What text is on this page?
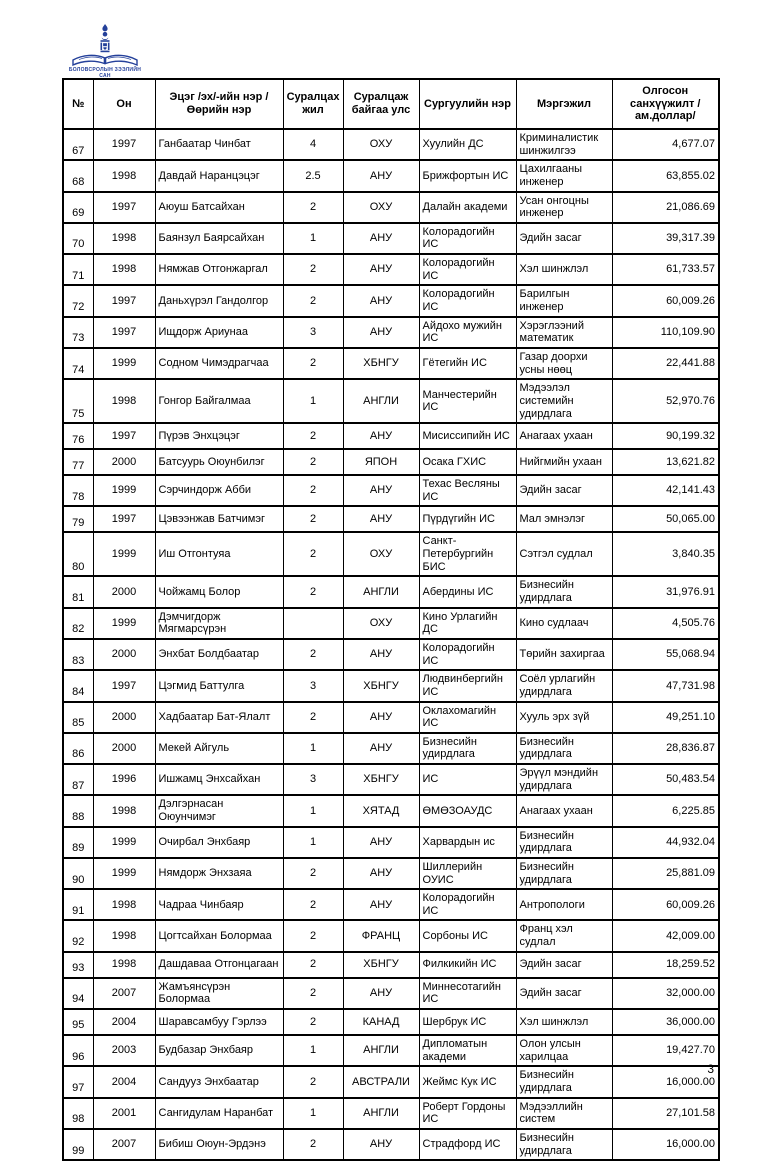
БОЛОВСРОЛЫН ЗЭЭЛИЙН
САН
№	Он	Эцэг /эх/-ийн нэр / Өөрийн нэр	Суралцах жил	Суралцаж байгаа улс	Сургуулийн нэр	Мэргэжил	Олгосон санхүүжилт /ам.доллар/
67	1997	Ганбаатар Чинбат	4	ОХУ	Хуулийн ДС	Криминалистик шинжилгээ	4,677.07
68	1998	Давдай Наранцэцэг	2.5	АНУ	Брижфортын ИС	Цахилгааны инженер	63,855.02
69	1997	Аюуш Батсайхан	2	ОХУ	Далайн академи	Усан онгоцны инженер	21,086.69
70	1998	Баянзул Баярсайхан	1	АНУ	Колорадогийн ИС	Эдийн засаг	39,317.39
71	1998	Нямжав Отгонжаргал	2	АНУ	Колорадогийн ИС	Хэл шинжлэл	61,733.57
72	1997	Даньхүрэл Гандолгор	2	АНУ	Колорадогийн ИС	Барилгын инженер	60,009.26
73	1997	Ищдорж Ариунаа	3	АНУ	Айдохо мужийн ИС	Хэрэглээний математик	110,109.90
74	1999	Содном Чимэдрагчаа	2	ХБНГУ	Гётегийн ИС	Газар доорхи усны нөөц	22,441.88
75	1998	Гонгор Байгалмаа	1	АНГЛИ	Манчестерийн ИС	Мэдээлэл системийн удирдлага	52,970.76
76	1997	Пүрэв Энхцэцэг	2	АНУ	Мисиссипийн ИС	Анагаах ухаан	90,199.32
77	2000	Батсуурь Оюунбилэг	2	ЯПОН	Осака ГХИС	Нийгмийн ухаан	13,621.82
78	1999	Сэрчиндорж Абби	2	АНУ	Техас Весляны ИС	Эдийн засаг	42,141.43
79	1997	Цэвээнжав Батчимэг	2	АНУ	Пүрдүгийн ИС	Мал эмнэлэг	50,065.00
80	1999	Иш Отгонтуяа	2	ОХУ	Санкт-Петербургийн БИС	Сэтгэл судлал	3,840.35
81	2000	Чойжамц Болор	2	АНГЛИ	Абердины ИС	Бизнесийн удирдлага	31,976.91
82	1999	Дэмчигдорж Мягмарсүрэн		ОХУ	Кино Урлагийн ДС	Кино судлаач	4,505.76
83	2000	Энхбат Болдбаатар	2	АНУ	Колорадогийн ИС	Төрийн захиргаа	55,068.94
84	1997	Цэгмид Баттулга	3	ХБНГУ	Людвинбергийн ИС	Соёл урлагийн удирдлага	47,731.98
85	2000	Хадбаатар Бат-Ялалт	2	АНУ	Оклахомагийн ИС	Хууль эрх зүй	49,251.10
86	2000	Мекей Айгуль	1	АНУ	Бизнесийн удирдлага	Бизнесийн удирдлага	28,836.87
87	1996	Ишжамц Энхсайхан	3	ХБНГУ	ИС	Эрүүл мэндийн удирдлага	50,483.54
88	1998	Дэлгэрнасан Оюунчимэг	1	ХЯТАД	ӨМӨЗОАУДС	Анагаах ухаан	6,225.85
89	1999	Очирбал Энхбаяр	1	АНУ	Харвардын ис	Бизнесийн удирдлага	44,932.04
90	1999	Нямдорж Энхзаяа	2	АНУ	Шиллерийн ОУИС	Бизнесийн удирдлага	25,881.09
91	1998	Чадраа Чинбаяр	2	АНУ	Колорадогийн ИС	Антропологи	60,009.26
92	1998	Цогтсайхан Болормаа	2	ФРАНЦ	Сорбоны ИС	Франц хэл судлал	42,009.00
93	1998	Дашдаваа Отгонцагаан	2	ХБНГУ	Филкикийн ИС	Эдийн засаг	18,259.52
94	2007	Жамъянсүрэн Болормаа	2	АНУ	Миннесотагийн ИС	Эдийн засаг	32,000.00
95	2004	Шаравсамбуу Гэрлээ	2	КАНАД	Шербрук ИС	Хэл шинжлэл	36,000.00
96	2003	Будбазар Энхбаяр	1	АНГЛИ	Дипломатын академи	Олон улсын харилцаа	19,427.70
97	2004	Сандууз Энхбаатар	2	АВСТРАЛИ	Жеймс Кук ИС	Бизнесийн удирдлага	16,000.00
98	2001	Сангидулам Наранбат	1	АНГЛИ	Роберт Гордоны ИС	Мэдээллийн систем	27,101.58
99	2007	Бибиш Оюун-Эрдэнэ	2	АНУ	Страдфорд ИС	Бизнесийн удирдлага	16,000.00
3
